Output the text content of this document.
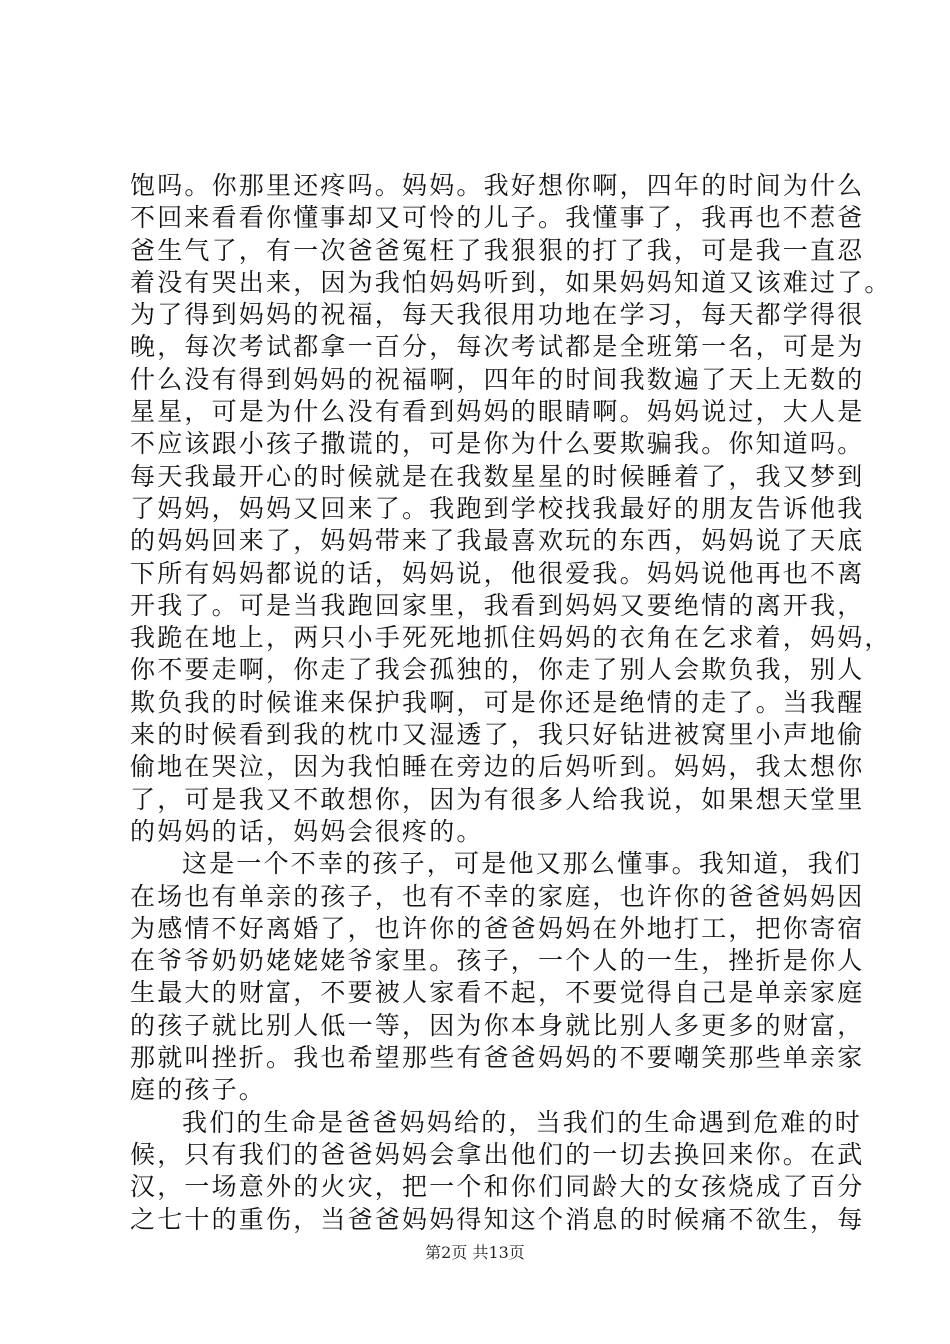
饱吗。你那里还疼吗。妈妈。我好想你啊，四年的时间为什么
不回来看看你懂事却又可怜的儿子。我懂事了，我再也不惹爸
爸生气了，有一次爸爸冤枉了我狠狠的打了我，可是我一直忍
着没有哭出来，因为我怕妈妈听到，如果妈妈知道又该难过了。
为了得到妈妈的祝福，每天我很用功地在学习，每天都学得很
晚，每次考试都拿一百分，每次考试都是全班第一名，可是为
什么没有得到妈妈的祝福啊，四年的时间我数遍了天上无数的
星星，可是为什么没有看到妈妈的眼睛啊。妈妈说过，大人是
不应该跟小孩子撒谎的，可是你为什么要欺骗我。你知道吗。
每天我最开心的时候就是在我数星星的时候睡着了，我又梦到
了妈妈，妈妈又回来了。我跑到学校找我最好的朋友告诉他我
的妈妈回来了，妈妈带来了我最喜欢玩的东西，妈妈说了天底
下所有妈妈都说的话，妈妈说，他很爱我。妈妈说他再也不离
开我了。可是当我跑回家里，我看到妈妈又要绝情的离开我，
我跪在地上，两只小手死死地抓住妈妈的衣角在乞求着，妈妈，
你不要走啊，你走了我会孤独的，你走了别人会欺负我，别人
欺负我的时候谁来保护我啊，可是你还是绝情的走了。当我醒
来的时候看到我的枕巾又湿透了，我只好钻进被窝里小声地偷
偷地在哭泣，因为我怕睡在旁边的后妈听到。妈妈，我太想你
了，可是我又不敢想你，因为有很多人给我说，如果想天堂里
的妈妈的话，妈妈会很疼的。
这是一个不幸的孩子，可是他又那么懂事。我知道，我们
在场也有单亲的孩子，也有不幸的家庭，也许你的爸爸妈妈因
为感情不好离婚了，也许你的爸爸妈妈在外地打工，把你寄宿
在爷爷奶奶姥姥姥爷家里。孩子，一个人的一生，挫折是你人
生最大的财富，不要被人家看不起，不要觉得自己是单亲家庭
的孩子就比别人低一等，因为你本身就比别人多更多的财富，
那就叫挫折。我也希望那些有爸爸妈妈的不要嘲笑那些单亲家
庭的孩子。
我们的生命是爸爸妈妈给的，当我们的生命遇到危难的时
候，只有我们的爸爸妈妈会拿出他们的一切去换回来你。在武
汉，一场意外的火灾，把一个和你们同龄大的女孩烧成了百分
之七十的重伤，当爸爸妈妈得知这个消息的时候痛不欲生，每
第2页 共13页
